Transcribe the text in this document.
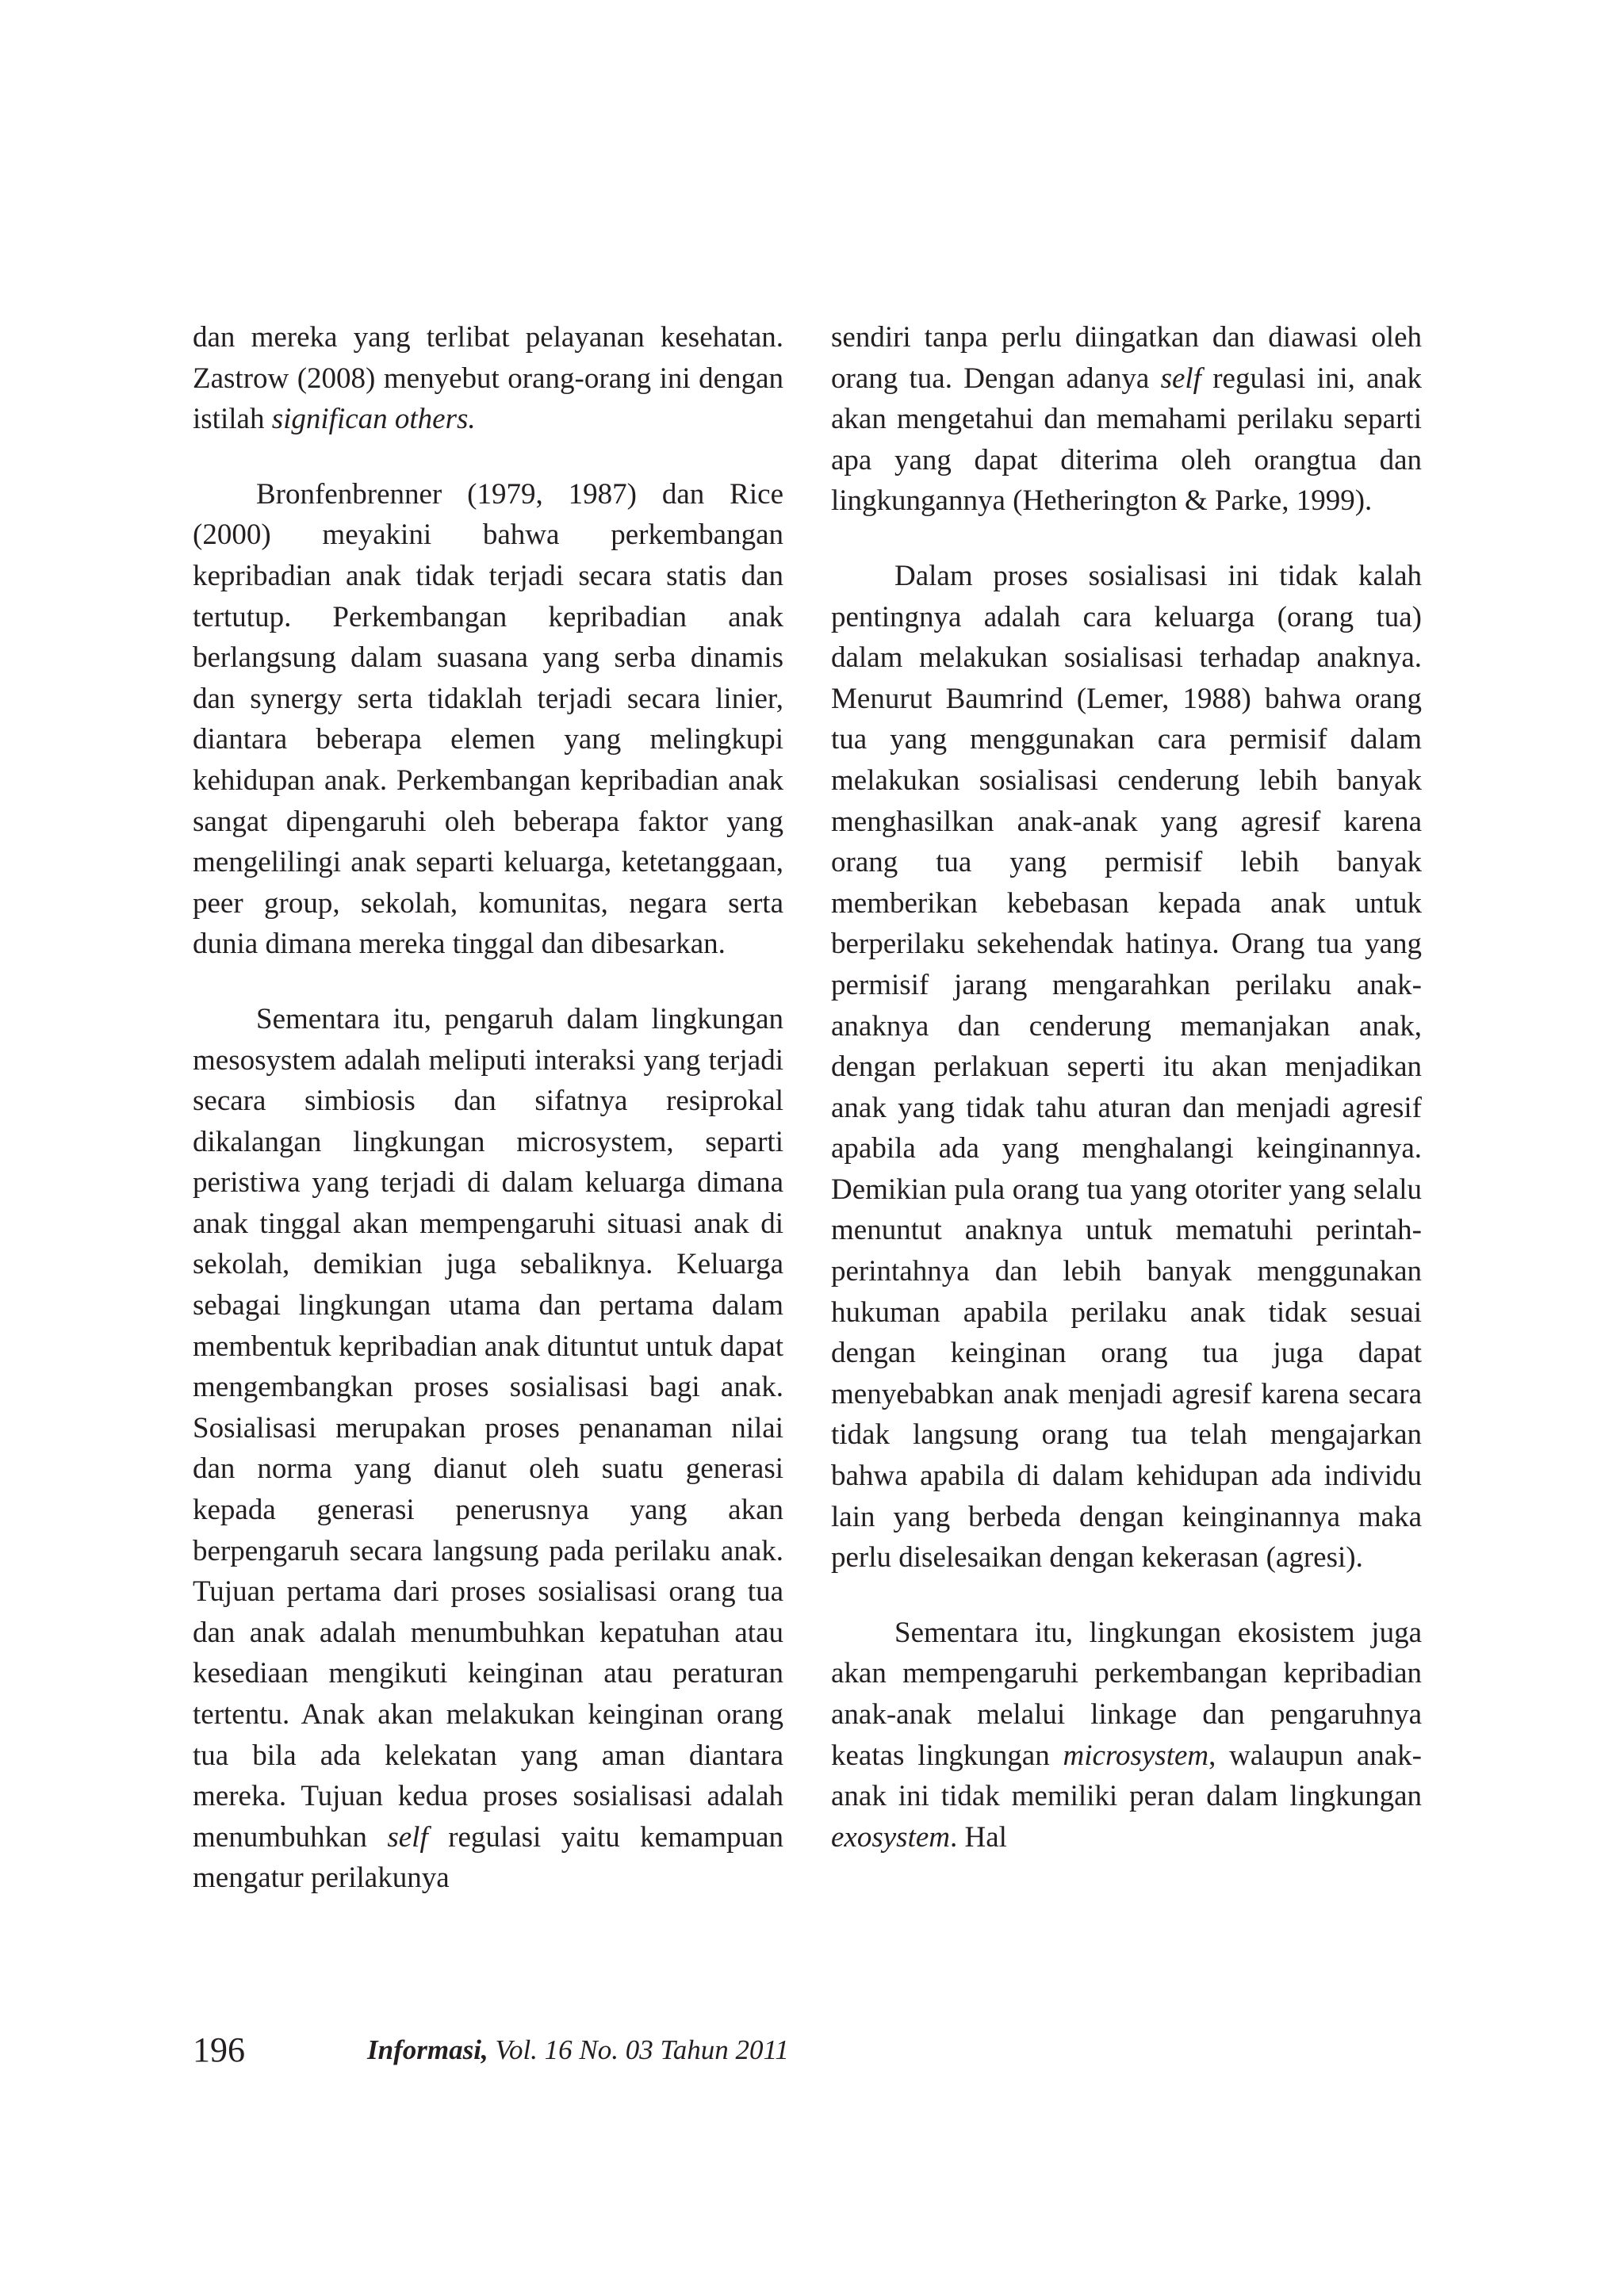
dan mereka yang terlibat pelayanan kesehatan. Zastrow (2008) menyebut orang-orang ini dengan istilah significan others.

Bronfenbrenner (1979, 1987) dan Rice (2000) meyakini bahwa perkembangan kepribadian anak tidak terjadi secara statis dan tertutup. Perkembangan kepribadian anak berlangsung dalam suasana yang serba dinamis dan synergy serta tidaklah terjadi secara linier, diantara beberapa elemen yang melingkupi kehidupan anak. Perkembangan kepribadian anak sangat dipengaruhi oleh beberapa faktor yang mengelilingi anak separti keluarga, ketetanggaan, peer group, sekolah, komunitas, negara serta dunia dimana mereka tinggal dan dibesarkan.

Sementara itu, pengaruh dalam lingkungan mesosystem adalah meliputi interaksi yang terjadi secara simbiosis dan sifatnya resiprokal dikalangan lingkungan microsystem, separti peristiwa yang terjadi di dalam keluarga dimana anak tinggal akan mempengaruhi situasi anak di sekolah, demikian juga sebaliknya. Keluarga sebagai lingkungan utama dan pertama dalam membentuk kepribadian anak dituntut untuk dapat mengembangkan proses sosialisasi bagi anak. Sosialisasi merupakan proses penanaman nilai dan norma yang dianut oleh suatu generasi kepada generasi penerusnya yang akan berpengaruh secara langsung pada perilaku anak. Tujuan pertama dari proses sosialisasi orang tua dan anak adalah menumbuhkan kepatuhan atau kesediaan mengikuti keinginan atau peraturan tertentu. Anak akan melakukan keinginan orang tua bila ada kelekatan yang aman diantara mereka. Tujuan kedua proses sosialisasi adalah menumbuhkan self regulasi yaitu kemampuan mengatur perilakunya

sendiri tanpa perlu diingatkan dan diawasi oleh orang tua. Dengan adanya self regulasi ini, anak akan mengetahui dan memahami perilaku separti apa yang dapat diterima oleh orangtua dan lingkungannya (Hetherington & Parke, 1999).

Dalam proses sosialisasi ini tidak kalah pentingnya adalah cara keluarga (orang tua) dalam melakukan sosialisasi terhadap anaknya. Menurut Baumrind (Lemer, 1988) bahwa orang tua yang menggunakan cara permisif dalam melakukan sosialisasi cenderung lebih banyak menghasilkan anak-anak yang agresif karena orang tua yang permisif lebih banyak memberikan kebebasan kepada anak untuk berperilaku sekehendak hatinya. Orang tua yang permisif jarang mengarahkan perilaku anak-anaknya dan cenderung memanjakan anak, dengan perlakuan seperti itu akan menjadikan anak yang tidak tahu aturan dan menjadi agresif apabila ada yang menghalangi keinginannya. Demikian pula orang tua yang otoriter yang selalu menuntut anaknya untuk mematuhi perintah-perintahnya dan lebih banyak menggunakan hukuman apabila perilaku anak tidak sesuai dengan keinginan orang tua juga dapat menyebabkan anak menjadi agresif karena secara tidak langsung orang tua telah mengajarkan bahwa apabila di dalam kehidupan ada individu lain yang berbeda dengan keinginannya maka perlu diselesaikan dengan kekerasan (agresi).

Sementara itu, lingkungan ekosistem juga akan mempengaruhi perkembangan kepribadian anak-anak melalui linkage dan pengaruhnya keatas lingkungan microsystem, walaupun anak-anak ini tidak memiliki peran dalam lingkungan exosystem. Hal

196	Informasi, Vol. 16 No. 03 Tahun 2011
